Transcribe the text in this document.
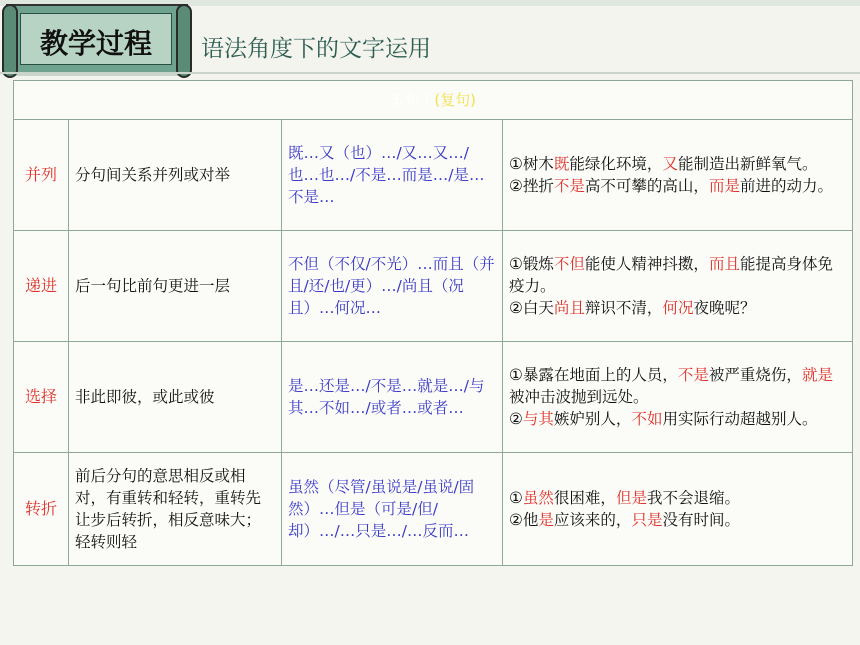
教学过程	语法角度下的文字运用
3.句子(复句)			
并列	分句间关系并列或对举	既…又（也）…/又…又…/也…也…/不是…而是…/是…不是…	①树木既能绿化环境，又能制造出新鲜氧气。
②挫折不是高不可攀的高山，而是前进的动力。
递进	后一句比前句更进一层	不但（不仅/不光）…而且（并且/还/也/更）…/尚且（况且）…何况…	①锻炼不但能使人精神抖擞，而且能提高身体免疫力。
②白天尚且辩识不清，何况夜晚呢？
选择	非此即彼，或此或彼	是…还是…/不是…就是…/与其…不如…/或者…或者…	①暴露在地面上的人员，不是被严重烧伤，就是被冲击波抛到远处。
②与其嫉妒别人，不如用实际行动超越别人。
转折	前后分句的意思相反或相对，有重转和轻转，重转先让步后转折，相反意味大；轻转则轻	虽然（尽管/虽说是/虽说/固然）…但是（可是/但/却）…/…只是…/…反而…	①虽然很困难，但是我不会退缩。
②他是应该来的，只是没有时间。
